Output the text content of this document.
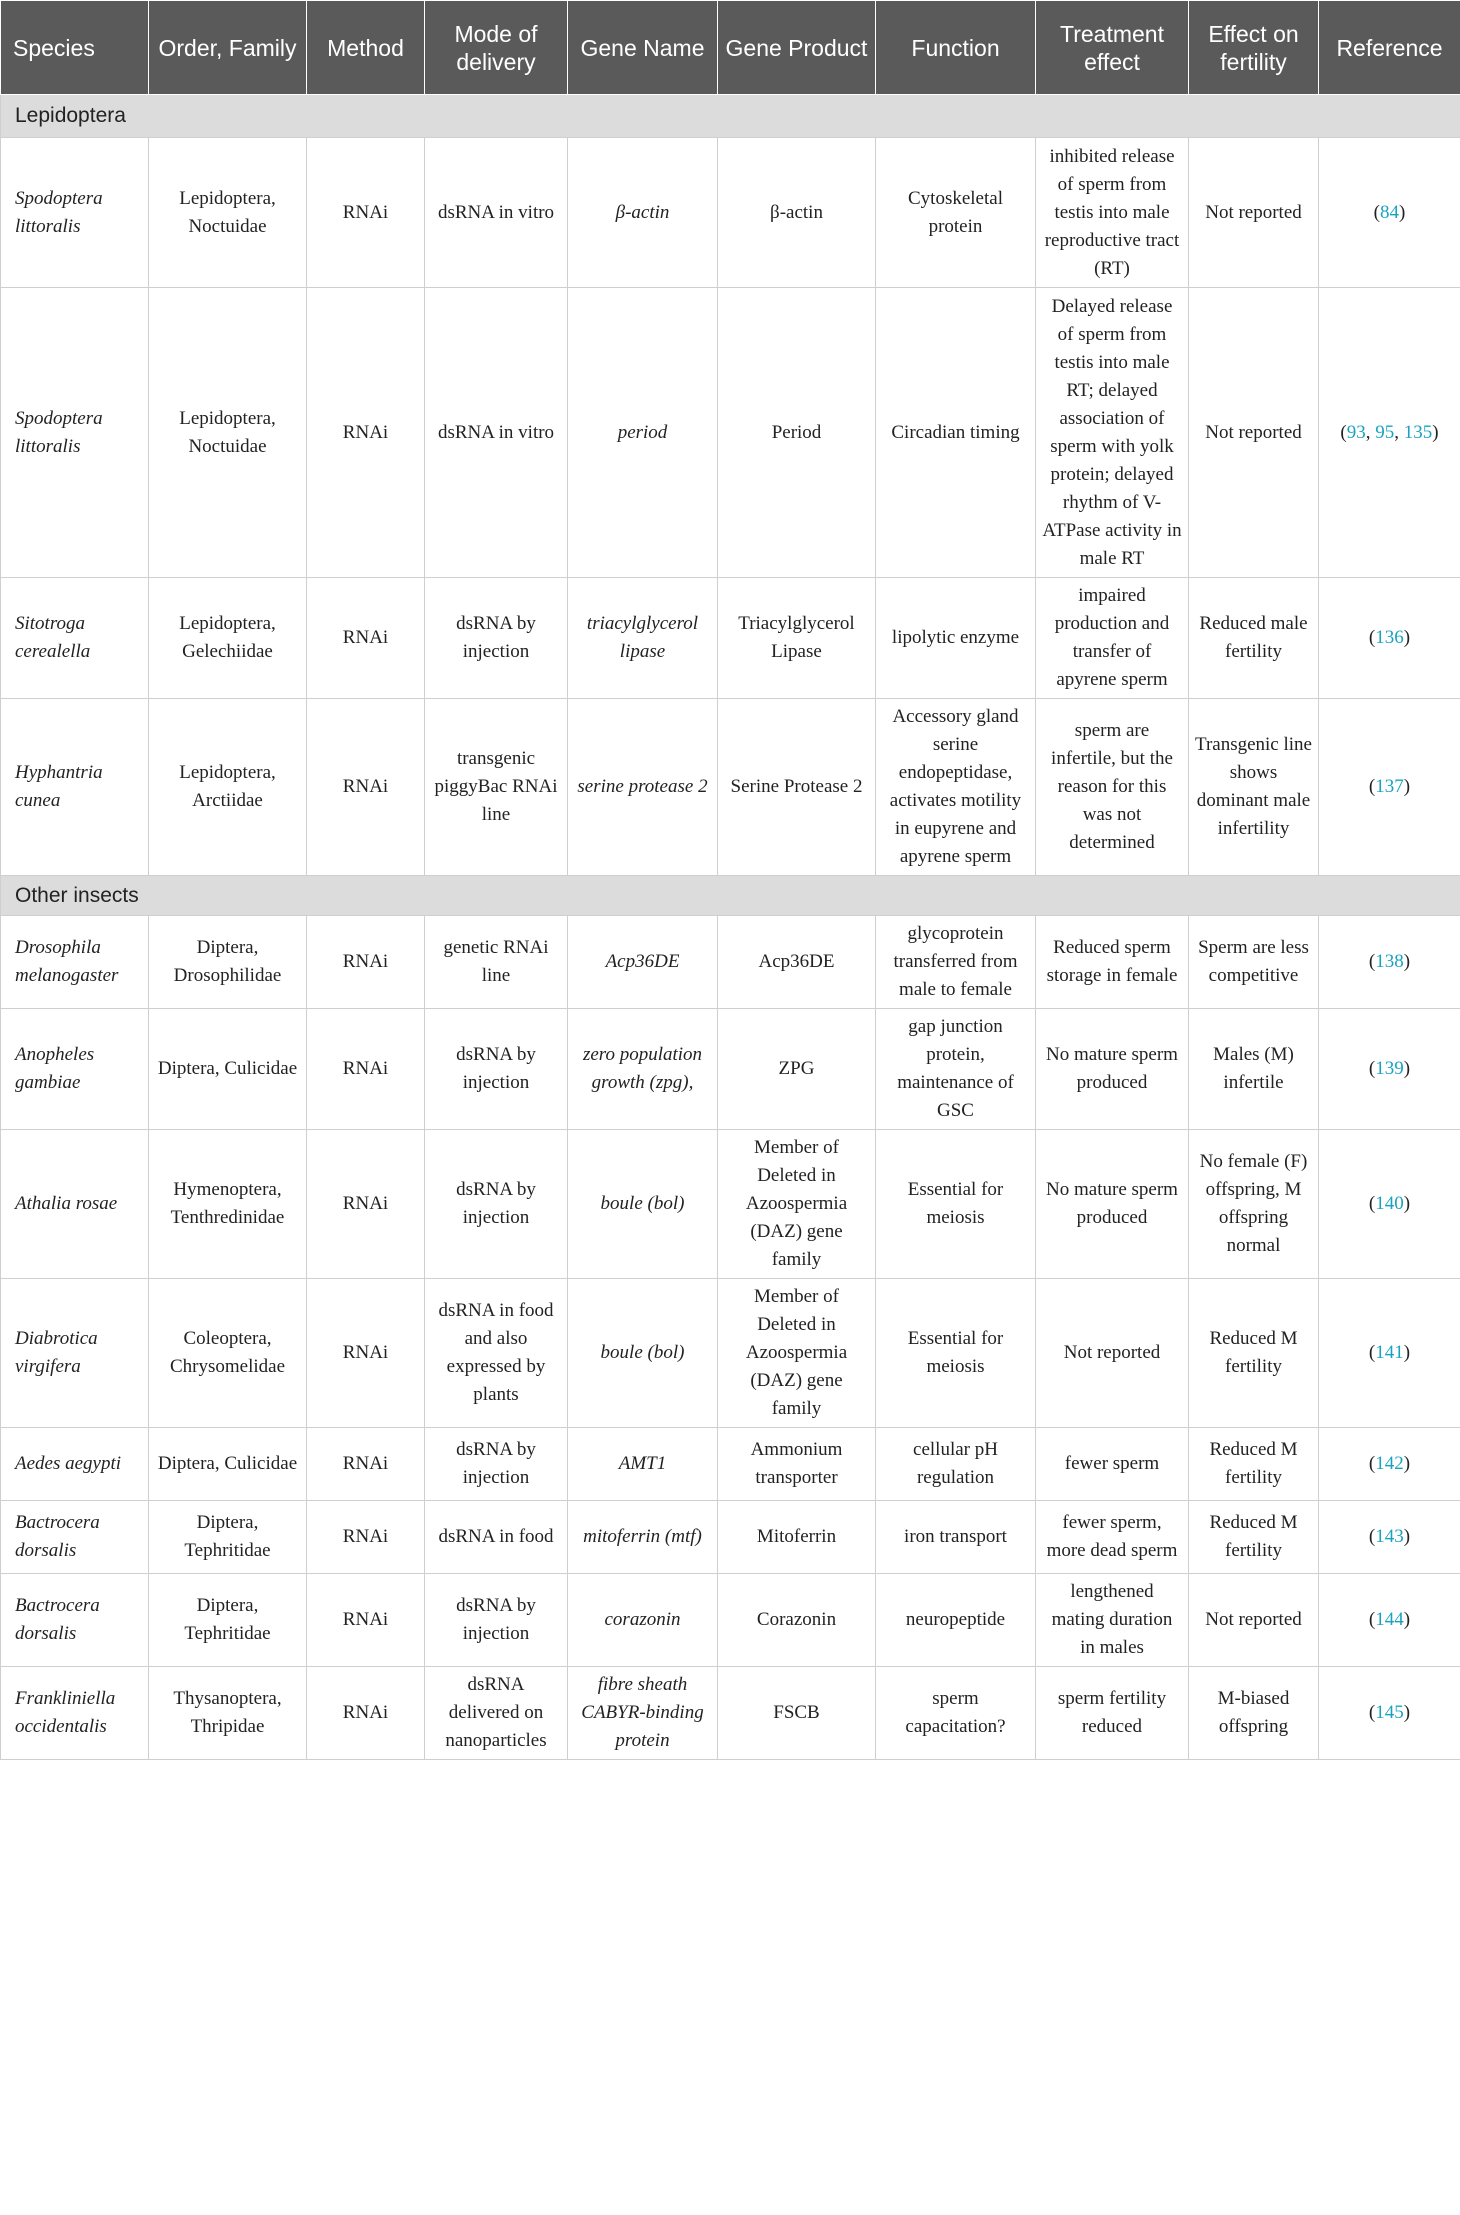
Species	Order, Family	Method	Mode of delivery	Gene Name	Gene Product	Function	Treatment effect	Effect on fertility	Reference
Lepidoptera									
Spodoptera littoralis	Lepidoptera, Noctuidae	RNAi	dsRNA in vitro	β-actin	β-actin	Cytoskeletal protein	inhibited release of sperm from testis into male reproductive tract (RT)	Not reported	(84)
Spodoptera littoralis	Lepidoptera, Noctuidae	RNAi	dsRNA in vitro	period	Period	Circadian timing	Delayed release of sperm from testis into male RT; delayed association of sperm with yolk protein; delayed rhythm of V-ATPase activity in male RT	Not reported	(93, 95, 135)
Sitotroga cerealella	Lepidoptera, Gelechiidae	RNAi	dsRNA by injection	triacylglycerol lipase	Triacylglycerol Lipase	lipolytic enzyme	impaired production and transfer of apyrene sperm	Reduced male fertility	(136)
Hyphantria cunea	Lepidoptera, Arctiidae	RNAi	transgenic piggyBac RNAi line	serine protease 2	Serine Protease 2	Accessory gland serine endopeptidase, activates motility in eupyrene and apyrene sperm	sperm are infertile, but the reason for this was not determined	Transgenic line shows dominant male infertility	(137)
Other insects									
Drosophila melanogaster	Diptera, Drosophilidae	RNAi	genetic RNAi line	Acp36DE	Acp36DE	glycoprotein transferred from male to female	Reduced sperm storage in female	Sperm are less competitive	(138)
Anopheles gambiae	Diptera, Culicidae	RNAi	dsRNA by injection	zero population growth (zpg),	ZPG	gap junction protein, maintenance of GSC	No mature sperm produced	Males (M) infertile	(139)
Athalia rosae	Hymenoptera, Tenthredinidae	RNAi	dsRNA by injection	boule (bol)	Member of Deleted in Azoospermia (DAZ) gene family	Essential for meiosis	No mature sperm produced	No female (F) offspring, M offspring normal	(140)
Diabrotica virgifera	Coleoptera, Chrysomelidae	RNAi	dsRNA in food and also expressed by plants	boule (bol)	Member of Deleted in Azoospermia (DAZ) gene family	Essential for meiosis	Not reported	Reduced M fertility	(141)
Aedes aegypti	Diptera, Culicidae	RNAi	dsRNA by injection	AMT1	Ammonium transporter	cellular pH regulation	fewer sperm	Reduced M fertility	(142)
Bactrocera dorsalis	Diptera, Tephritidae	RNAi	dsRNA in food	mitoferrin (mtf)	Mitoferrin	iron transport	fewer sperm, more dead sperm	Reduced M fertility	(143)
Bactrocera dorsalis	Diptera, Tephritidae	RNAi	dsRNA by injection	corazonin	Corazonin	neuropeptide	lengthened mating duration in males	Not reported	(144)
Frankliniella occidentalis	Thysanoptera, Thripidae	RNAi	dsRNA delivered on nanoparticles	fibre sheath CABYR-binding protein	FSCB	sperm capacitation?	sperm fertility reduced	M-biased offspring	(145)
